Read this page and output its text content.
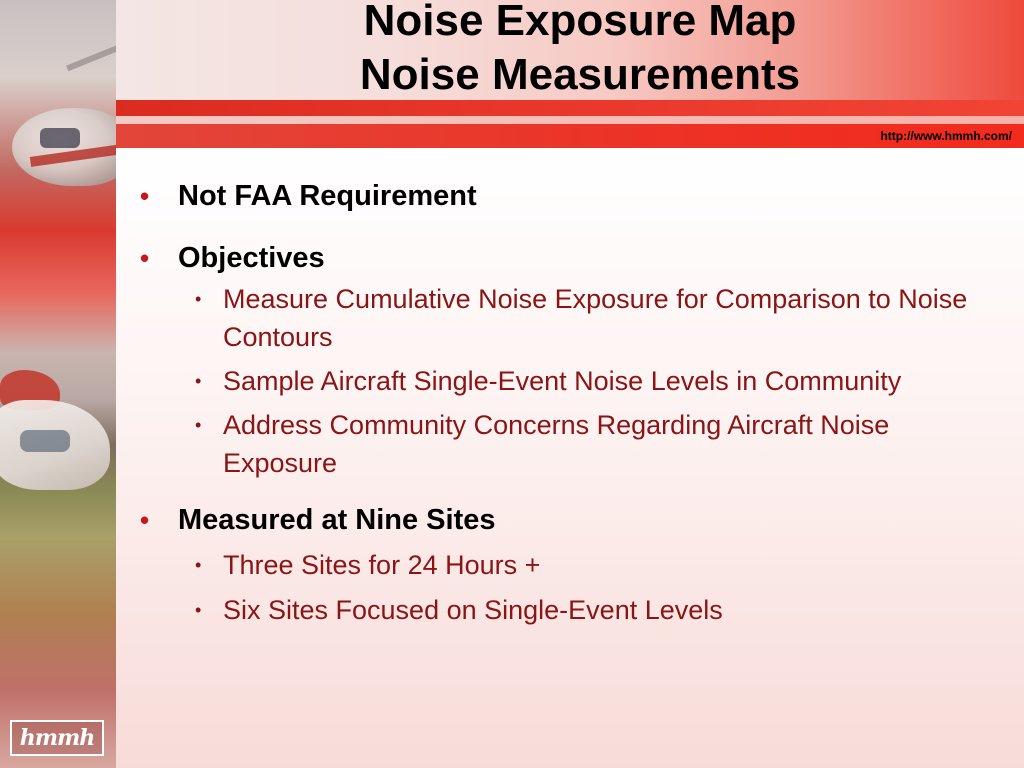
hmmh
Noise Exposure Map
Noise Measurements
http://www.hmmh.com/
• Not FAA Requirement
• Objectives
• Measure Cumulative Noise Exposure for Comparison to Noise Contours
• Sample Aircraft Single-Event Noise Levels in Community
• Address Community Concerns Regarding Aircraft Noise Exposure
• Measured at Nine Sites
• Three Sites for 24 Hours +
• Six Sites Focused on Single-Event Levels
